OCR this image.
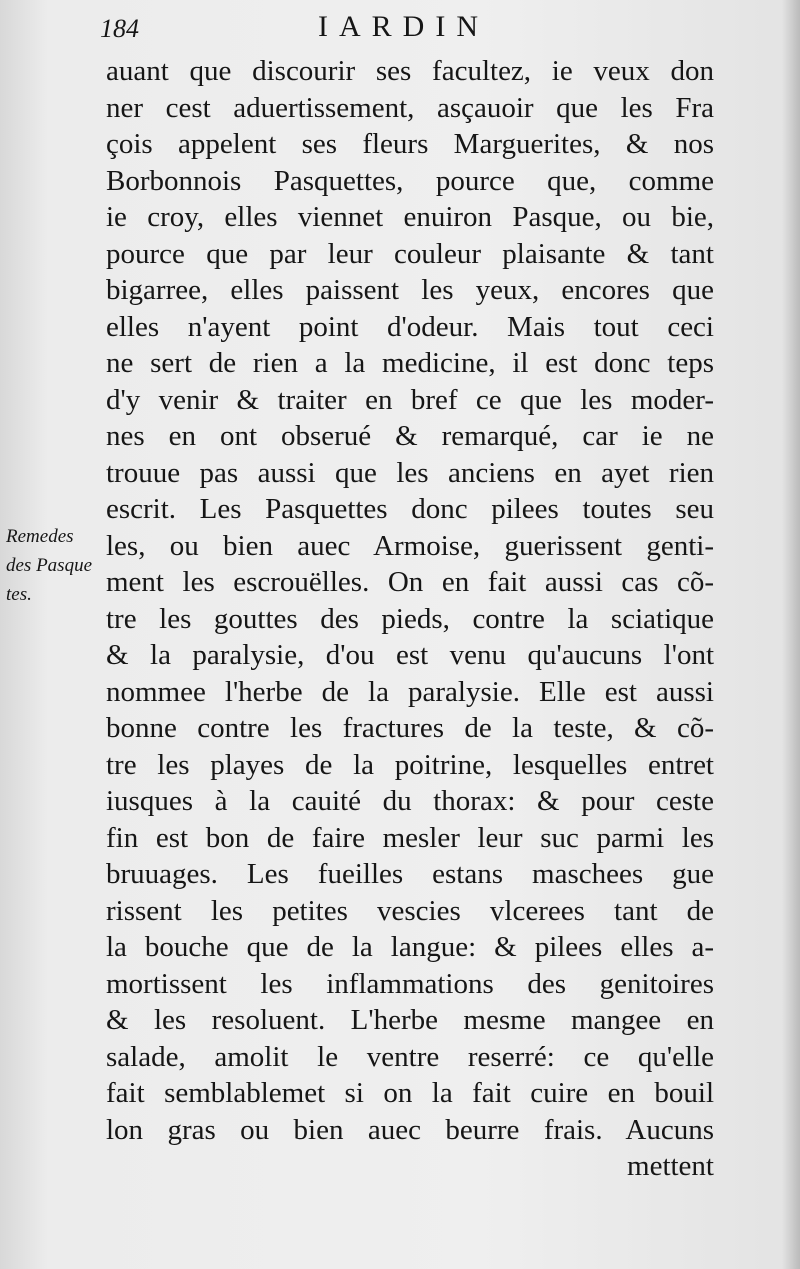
184	IARDIN
Remedes
des Pasque
tes.
auant que discourir ses facultez, ie veux don
ner cest aduertissement, asçauoir que les Fra
çois appelent ses fleurs Marguerites, & nos
Borbonnois Pasquettes, pource que, comme
ie croy, elles viennet enuiron Pasque, ou bie,
pource que par leur couleur plaisante & tant
bigarree, elles paissent les yeux, encores que
elles n'ayent point d'odeur. Mais tout ceci
ne sert de rien a la medicine, il est donc teps
d'y venir & traiter en bref ce que les moder-
nes en ont obserué & remarqué, car ie ne
trouue pas aussi que les anciens en ayet rien
escrit. Les Pasquettes donc pilees toutes seu
les, ou bien auec Armoise, guerissent genti-
ment les escrouëlles. On en fait aussi cas cõ-
tre les gouttes des pieds, contre la sciatique
& la paralysie, d'ou est venu qu'aucuns l'ont
nommee l'herbe de la paralysie. Elle est aussi
bonne contre les fractures de la teste, & cõ-
tre les playes de la poitrine, lesquelles entret
iusques à la cauité du thorax: & pour ceste
fin est bon de faire mesler leur suc parmi les
bruuages. Les fueilles estans maschees gue
rissent les petites vescies vlcerees tant de
la bouche que de la langue: & pilees elles a-
mortissent les inflammations des genitoires
& les resoluent. L'herbe mesme mangee en
salade, amolit le ventre reserré: ce qu'elle
fait semblablemet si on la fait cuire en bouil
lon gras ou bien auec beurre frais. Aucuns
mettent
